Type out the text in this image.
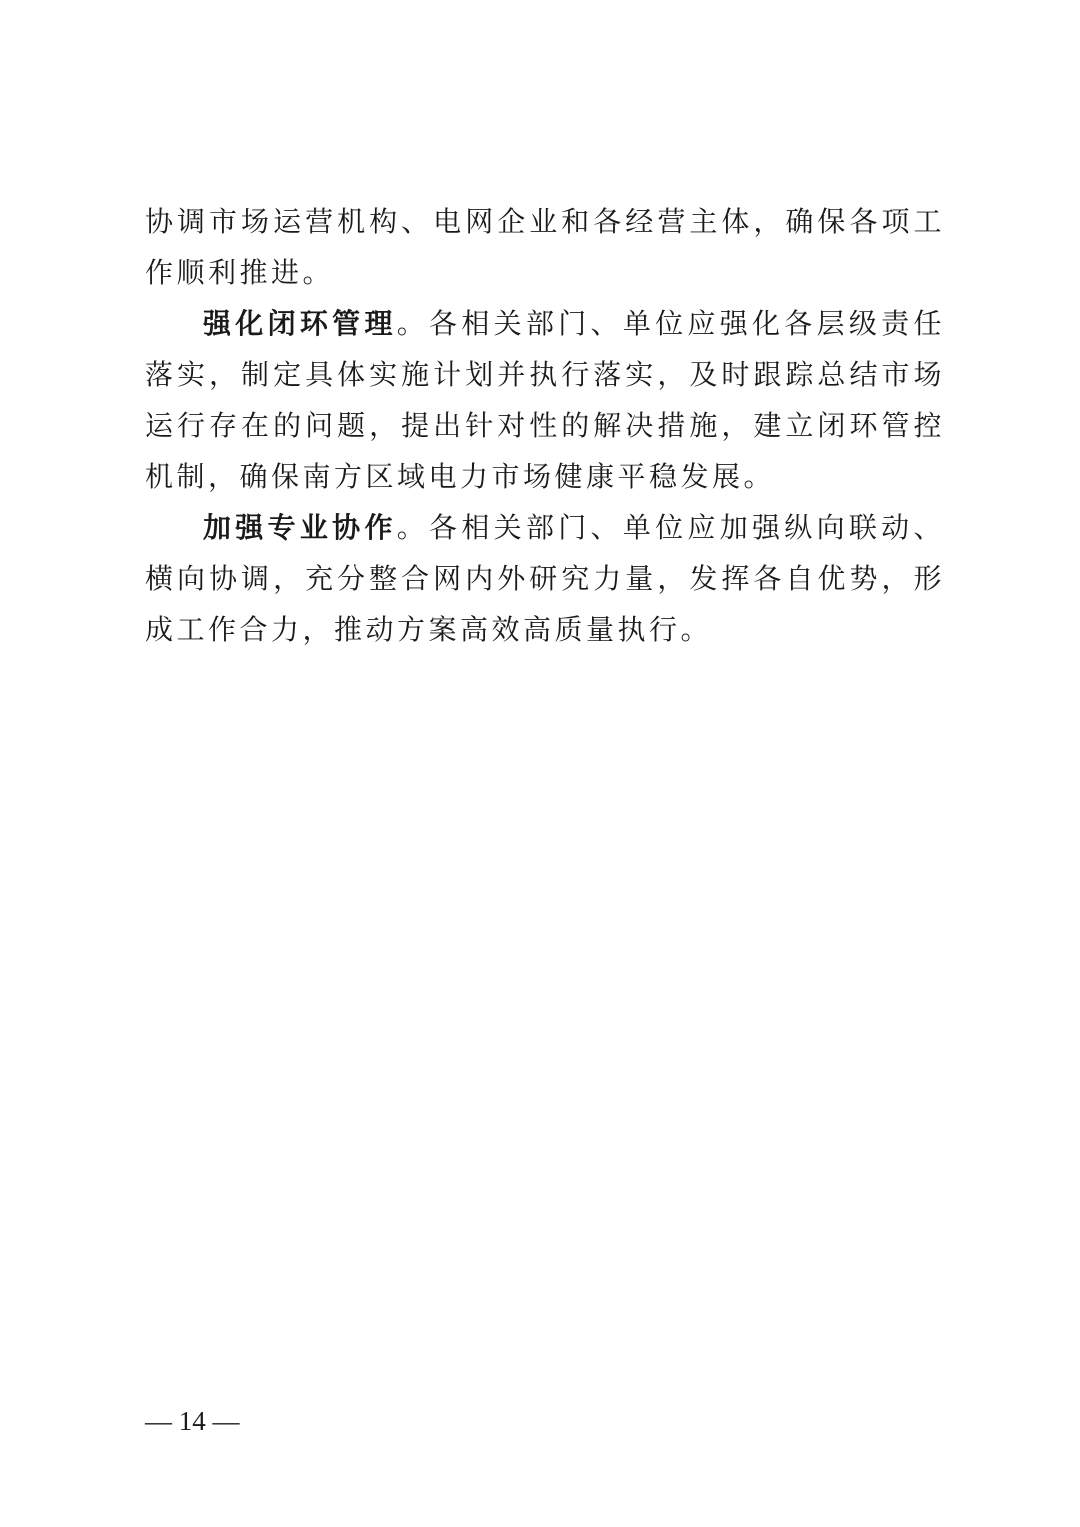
协调市场运营机构、电网企业和各经营主体，确保各项工作顺利推进。

强化闭环管理。各相关部门、单位应强化各层级责任落实，制定具体实施计划并执行落实，及时跟踪总结市场运行存在的问题，提出针对性的解决措施，建立闭环管控机制，确保南方区域电力市场健康平稳发展。

加强专业协作。各相关部门、单位应加强纵向联动、横向协调，充分整合网内外研究力量，发挥各自优势，形成工作合力，推动方案高效高质量执行。

— 14 —
